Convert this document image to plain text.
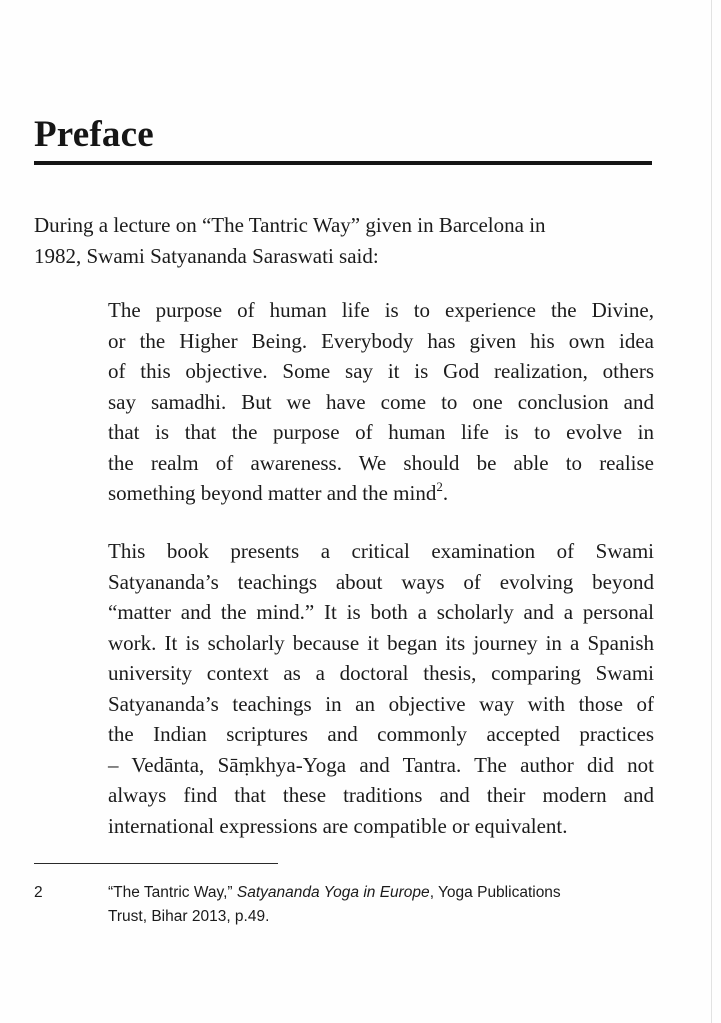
Preface

During a lecture on “The Tantric Way” given in Barcelona in
1982, Swami Satyananda Saraswati said:

The purpose of human life is to experience the Divine,
or the Higher Being. Everybody has given his own idea
of this objective. Some say it is God realization, others
say samadhi. But we have come to one conclusion and
that is that the purpose of human life is to evolve in
the realm of awareness. We should be able to realise
something beyond matter and the mind$^2$.

This book presents a critical examination of Swami
Satyananda’s teachings about ways of evolving beyond
“matter and the mind.” It is both a scholarly and a personal
work. It is scholarly because it began its journey in a Spanish
university context as a doctoral thesis, comparing Swami
Satyananda’s teachings in an objective way with those of
the Indian scriptures and commonly accepted practices
– Vedānta, Sāṃkhya-Yoga and Tantra. The author did not
always find that these traditions and their modern and
international expressions are compatible or equivalent.

2	“The Tantric Way,” Satyananda Yoga in Europe, Yoga Publications
Trust, Bihar 2013, p.49.
